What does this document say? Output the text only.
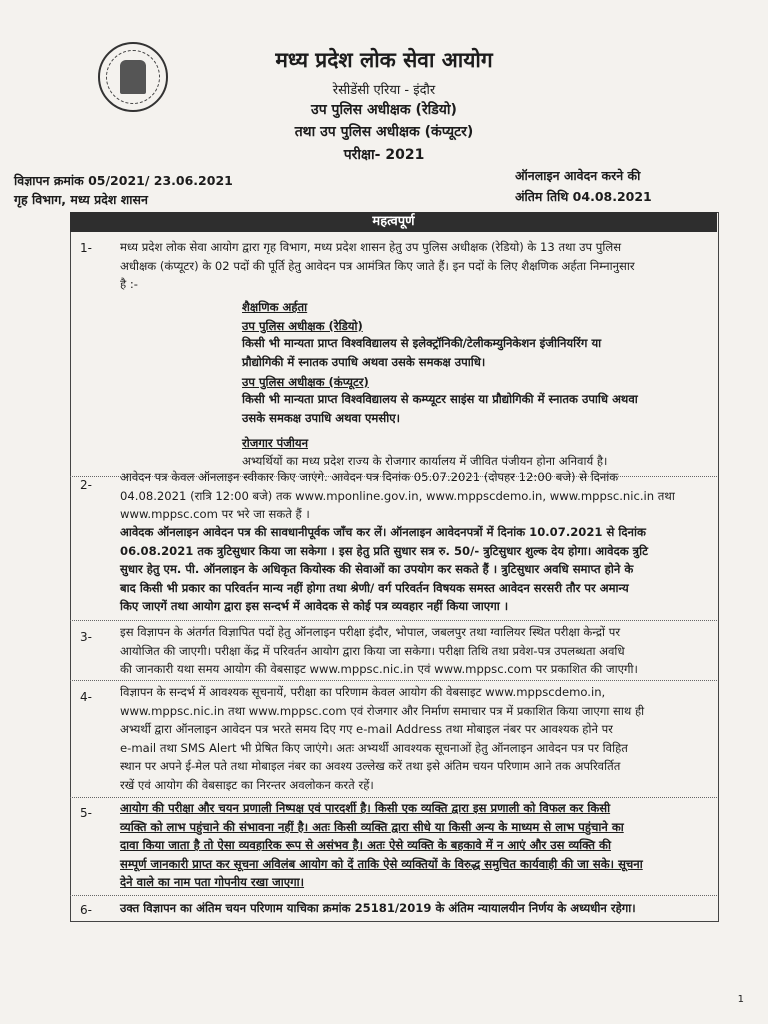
मध्य प्रदेश लोक सेवा आयोग
रेसीडेंसी एरिया - इंदौर
उप पुलिस अधीक्षक (रेडियो)
तथा उप पुलिस अधीक्षक (कंप्यूटर)
परीक्षा- 2021
विज्ञापन क्रमांक 05/2021/ 23.06.2021
गृह विभाग, मध्य प्रदेश शासन
ऑनलाइन आवेदन करने की
अंतिम तिथि 04.08.2021
महत्वपूर्ण
1- मध्य प्रदेश लोक सेवा आयोग द्वारा गृह विभाग, मध्य प्रदेश शासन हेतु उप पुलिस अधीक्षक (रेडियो) के 13 तथा उप पुलिस
अधीक्षक (कंप्यूटर) के 02 पदों की पूर्ति हेतु आवेदन पत्र आमंत्रित किए जाते हैं। इन पदों के लिए शैक्षणिक अर्हता निम्नानुसार
है :-
शैक्षणिक अर्हता
उप पुलिस अधीक्षक (रेडियो)
किसी भी मान्यता प्राप्त विश्वविद्यालय से इलेक्ट्रॉनिकी/टेलीकम्युनिकेशन इंजीनियरिंग या
प्रौद्योगिकी में स्नातक उपाधि अथवा उसके समकक्ष उपाधि।
उप पुलिस अधीक्षक (कंप्यूटर)
किसी भी मान्यता प्राप्त विश्वविद्यालय से कम्प्यूटर साइंस या प्रौद्योगिकी में स्नातक उपाधि अथवा
उसके समकक्ष उपाधि अथवा एमसीए।
रोजगार पंजीयन
अभ्यर्थियों का मध्य प्रदेश राज्य के रोजगार कार्यालय में जीवित पंजीयन होना अनिवार्य है।
2-
आवेदन पत्र केवल ऑनलाइन स्वीकार किए जाएंगे. आवेदन पत्र दिनांक 05.07.2021 (दोपहर 12:00 बजे) से दिनांक
04.08.2021 (रात्रि 12:00 बजे) तक www.mponline.gov.in, www.mppscdemo.in, www.mppsc.nic.in तथा
www.mppsc.com पर भरे जा सकते हैं ।
आवेदक ऑनलाइन आवेदन पत्र की सावधानीपूर्वक जाँच कर लें। ऑनलाइन आवेदनपत्रों में दिनांक 10.07.2021 से दिनांक
06.08.2021 तक त्रुटिसुधार किया जा सकेगा । इस हेतु प्रति सुधार सत्र रु. 50/- त्रुटिसुधार शुल्क देय होगा। आवेदक त्रुटि
सुधार हेतु एम. पी. ऑनलाइन के अधिकृत कियोस्क की सेवाओं का उपयोग कर सकते हैं । त्रुटिसुधार अवधि समाप्त होने के
बाद किसी भी प्रकार का परिवर्तन मान्य नहीं होगा तथा श्रेणी/ वर्ग परिवर्तन विषयक समस्त आवेदन सरसरी तौर पर अमान्य
किए जाएगें तथा आयोग द्वारा इस सन्दर्भ में आवेदक से कोई पत्र व्यवहार नहीं किया जाएगा ।
3- इस विज्ञापन के अंतर्गत विज्ञापित पदों हेतु ऑनलाइन परीक्षा इंदौर, भोपाल, जबलपुर तथा ग्वालियर स्थित परीक्षा केन्द्रों पर
आयोजित की जाएगी। परीक्षा केंद्र में परिवर्तन आयोग द्वारा किया जा सकेगा। परीक्षा तिथि तथा प्रवेश-पत्र उपलब्धता अवधि
की जानकारी यथा समय आयोग की वेबसाइट www.mppsc.nic.in एवं www.mppsc.com पर प्रकाशित की जाएगी।
4- विज्ञापन के सन्दर्भ में आवश्यक सूचनायें, परीक्षा का परिणाम केवल आयोग की वेबसाइट www.mppscdemo.in,
www.mppsc.nic.in तथा www.mppsc.com एवं रोजगार और निर्माण समाचार पत्र में प्रकाशित किया जाएगा साथ ही
अभ्यर्थी द्वारा ऑनलाइन आवेदन पत्र भरते समय दिए गए e-mail Address तथा मोबाइल नंबर पर आवश्यक होने पर
e-mail तथा SMS Alert भी प्रेषित किए जाएंगे। अतः अभ्यर्थी आवश्यक सूचनाओं हेतु ऑनलाइन आवेदन पत्र पर विहित
स्थान पर अपने ई-मेल पते तथा मोबाइल नंबर का अवश्य उल्लेख करें तथा इसे अंतिम चयन परिणाम आने तक अपरिवर्तित
रखें एवं आयोग की वेबसाइट का निरन्तर अवलोकन करते रहें।
5- आयोग की परीक्षा और चयन प्रणाली निष्पक्ष एवं पारदर्शी है। किसी एक व्यक्ति द्वारा इस प्रणाली को विफल कर किसी
व्यक्ति को लाभ पहुंचाने की संभावना नहीं है। अतः किसी व्यक्ति द्वारा सीधे या किसी अन्य के माध्यम से लाभ पहुंचाने का
दावा किया जाता है तो ऐसा व्यवहारिक रूप से असंभव है। अतः ऐसे व्यक्ति के बहकावे में न आएं और उस व्यक्ति की
सम्पूर्ण जानकारी प्राप्त कर सूचना अविलंब आयोग को दें ताकि ऐसे व्यक्तियों के विरुद्ध समुचित कार्यवाही की जा सके। सूचना
देने वाले का नाम पता गोपनीय रखा जाएगा।
6- उक्त विज्ञापन का अंतिम चयन परिणाम याचिका क्रमांक 25181/2019 के अंतिम न्यायालयीन निर्णय के अध्यधीन रहेगा।
1
